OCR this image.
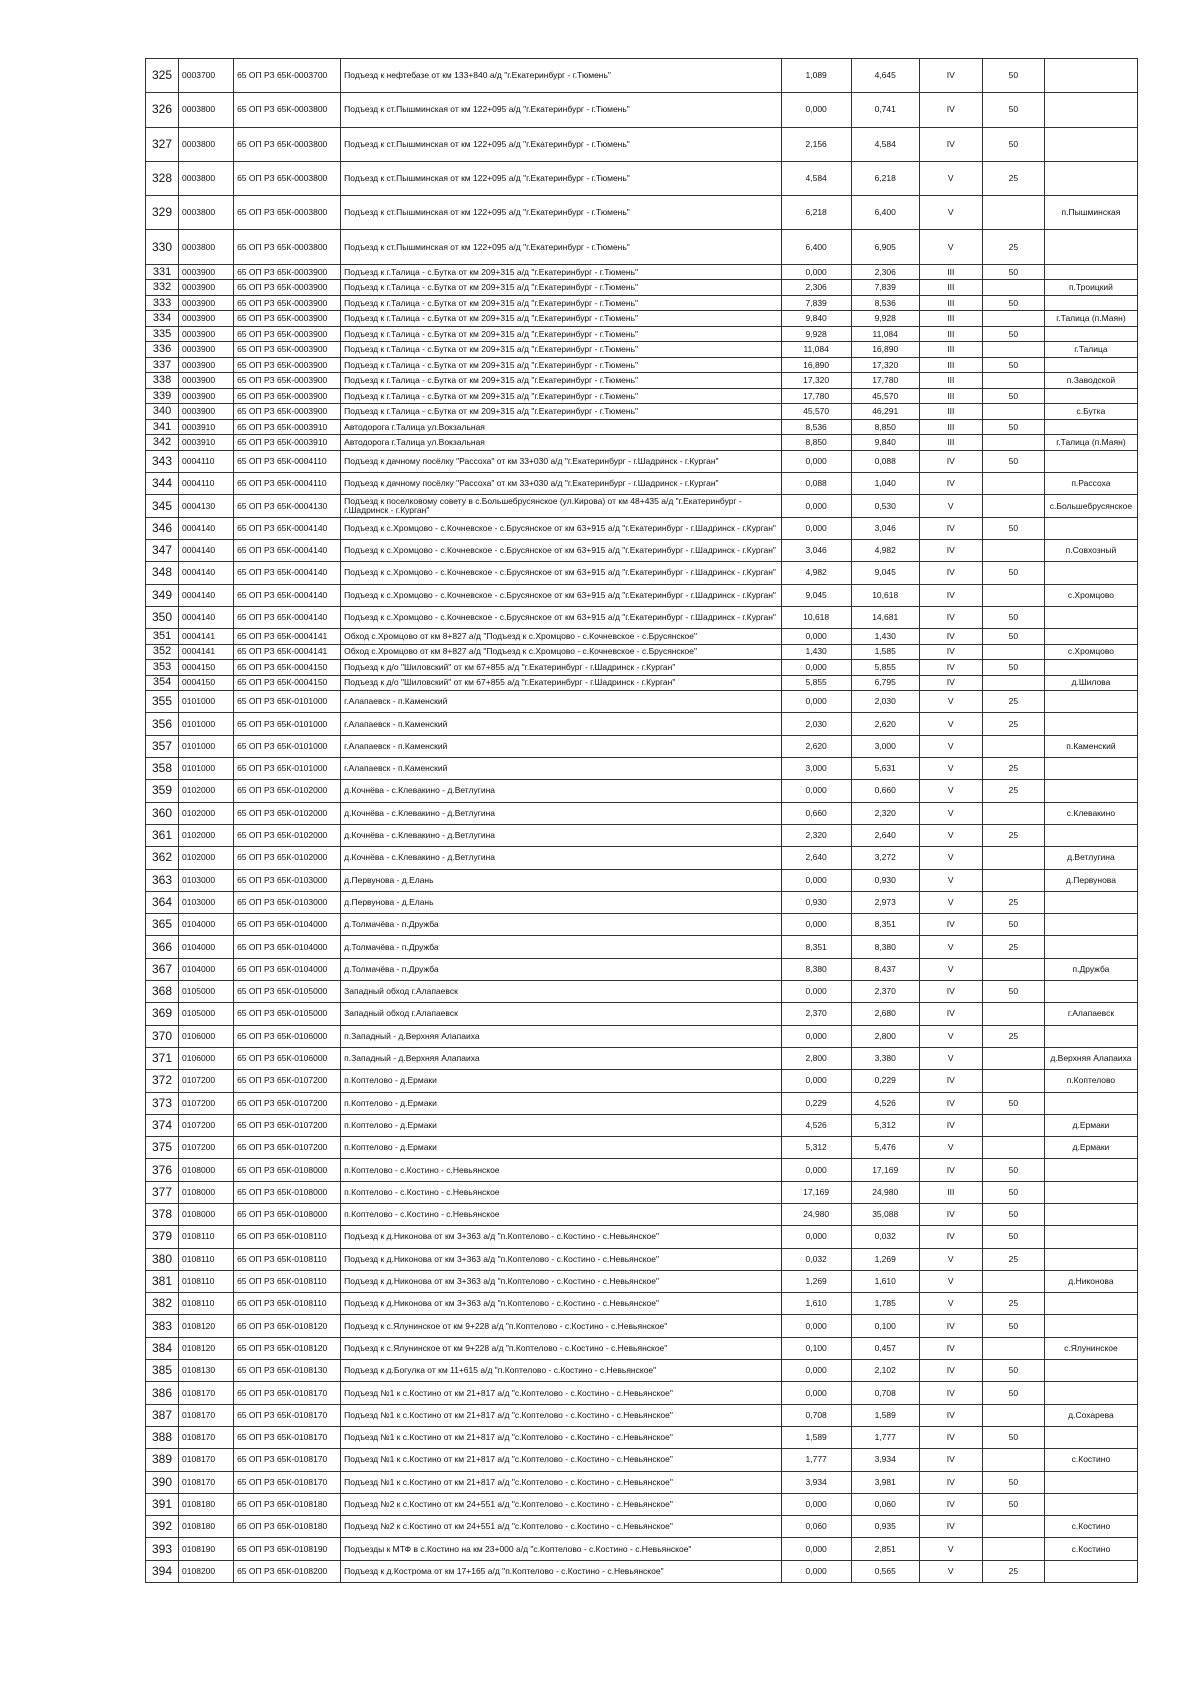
325	0003700	65 ОП РЗ 65К-0003700	Подъезд к нефтебазе от км 133+840 а/д "г.Екатеринбург - г.Тюмень"	1,089	4,645	IV	50	
326	0003800	65 ОП РЗ 65К-0003800	Подъезд к ст.Пышминская от км 122+095 а/д "г.Екатеринбург - г.Тюмень"	0,000	0,741	IV	50	
327	0003800	65 ОП РЗ 65К-0003800	Подъезд к ст.Пышминская от км 122+095 а/д "г.Екатеринбург - г.Тюмень"	2,156	4,584	IV	50	
328	0003800	65 ОП РЗ 65К-0003800	Подъезд к ст.Пышминская от км 122+095 а/д "г.Екатеринбург - г.Тюмень"	4,584	6,218	V	25	
329	0003800	65 ОП РЗ 65К-0003800	Подъезд к ст.Пышминская от км 122+095 а/д "г.Екатеринбург - г.Тюмень"	6,218	6,400	V		п.Пышминская
330	0003800	65 ОП РЗ 65К-0003800	Подъезд к ст.Пышминская от км 122+095 а/д "г.Екатеринбург - г.Тюмень"	6,400	6,905	V	25	
331	0003900	65 ОП РЗ 65К-0003900	Подъезд к г.Талица - с.Бутка от км 209+315 а/д "г.Екатеринбург - г.Тюмень"	0,000	2,306	III	50	
332	0003900	65 ОП РЗ 65К-0003900	Подъезд к г.Талица - с.Бутка от км 209+315 а/д "г.Екатеринбург - г.Тюмень"	2,306	7,839	III		п.Троицкий
333	0003900	65 ОП РЗ 65К-0003900	Подъезд к г.Талица - с.Бутка от км 209+315 а/д "г.Екатеринбург - г.Тюмень"	7,839	8,536	III	50	
334	0003900	65 ОП РЗ 65К-0003900	Подъезд к г.Талица - с.Бутка от км 209+315 а/д "г.Екатеринбург - г.Тюмень"	9,840	9,928	III		г.Талица (п.Маян)
335	0003900	65 ОП РЗ 65К-0003900	Подъезд к г.Талица - с.Бутка от км 209+315 а/д "г.Екатеринбург - г.Тюмень"	9,928	11,084	III	50	
336	0003900	65 ОП РЗ 65К-0003900	Подъезд к г.Талица - с.Бутка от км 209+315 а/д "г.Екатеринбург - г.Тюмень"	11,084	16,890	III		г.Талица
337	0003900	65 ОП РЗ 65К-0003900	Подъезд к г.Талица - с.Бутка от км 209+315 а/д "г.Екатеринбург - г.Тюмень"	16,890	17,320	III	50	
338	0003900	65 ОП РЗ 65К-0003900	Подъезд к г.Талица - с.Бутка от км 209+315 а/д "г.Екатеринбург - г.Тюмень"	17,320	17,780	III		п.Заводской
339	0003900	65 ОП РЗ 65К-0003900	Подъезд к г.Талица - с.Бутка от км 209+315 а/д "г.Екатеринбург - г.Тюмень"	17,780	45,570	III	50	
340	0003900	65 ОП РЗ 65К-0003900	Подъезд к г.Талица - с.Бутка от км 209+315 а/д "г.Екатеринбург - г.Тюмень"	45,570	46,291	III		с.Бутка
341	0003910	65 ОП РЗ 65К-0003910	Автодорога г.Талица ул.Вокзальная	8,536	8,850	III	50	
342	0003910	65 ОП РЗ 65К-0003910	Автодорога г.Талица ул.Вокзальная	8,850	9,840	III		г.Талица (п.Маян)
343	0004110	65 ОП РЗ 65К-0004110	Подъезд к дачному посёлку "Рассоха" от км 33+030 а/д "г.Екатеринбург - г.Шадринск - г.Курган"	0,000	0,088	IV	50	
344	0004110	65 ОП РЗ 65К-0004110	Подъезд к дачному посёлку "Рассоха" от км 33+030 а/д "г.Екатеринбург - г.Шадринск - г.Курган"	0,088	1,040	IV		п.Рассоха
345	0004130	65 ОП РЗ 65К-0004130	Подъезд к поселковому совету в с.Большебрусянское (ул.Кирова) от км 48+435 а/д "г.Екатеринбург - г.Шадринск - г.Курган"	0,000	0,530	V		с.Большебрусянское
346	0004140	65 ОП РЗ 65К-0004140	Подъезд к с.Хромцово - с.Кочневское - с.Брусянское от км 63+915 а/д "г.Екатеринбург - г.Шадринск - г.Курган"	0,000	3,046	IV	50	
347	0004140	65 ОП РЗ 65К-0004140	Подъезд к с.Хромцово - с.Кочневское - с.Брусянское от км 63+915 а/д "г.Екатеринбург - г.Шадринск - г.Курган"	3,046	4,982	IV		п.Совхозный
348	0004140	65 ОП РЗ 65К-0004140	Подъезд к с.Хромцово - с.Кочневское - с.Брусянское от км 63+915 а/д "г.Екатеринбург - г.Шадринск - г.Курган"	4,982	9,045	IV	50	
349	0004140	65 ОП РЗ 65К-0004140	Подъезд к с.Хромцово - с.Кочневское - с.Брусянское от км 63+915 а/д "г.Екатеринбург - г.Шадринск - г.Курган"	9,045	10,618	IV		с.Хромцово
350	0004140	65 ОП РЗ 65К-0004140	Подъезд к с.Хромцово - с.Кочневское - с.Брусянское от км 63+915 а/д "г.Екатеринбург - г.Шадринск - г.Курган"	10,618	14,681	IV	50	
351	0004141	65 ОП РЗ 65К-0004141	Обход с.Хромцово от км 8+827 а/д "Подъезд к с.Хромцово - с.Кочневское - с.Брусянское"	0,000	1,430	IV	50	
352	0004141	65 ОП РЗ 65К-0004141	Обход с.Хромцово от км 8+827 а/д "Подъезд к с.Хромцово - с.Кочневское - с.Брусянское"	1,430	1,585	IV		с.Хромцово
353	0004150	65 ОП РЗ 65К-0004150	Подъезд к д/о "Шиловский" от км 67+855 а/д "г.Екатеринбург - г.Шадринск - г.Курган"	0,000	5,855	IV	50	
354	0004150	65 ОП РЗ 65К-0004150	Подъезд к д/о "Шиловский" от км 67+855 а/д "г.Екатеринбург - г.Шадринск - г.Курган"	5,855	6,795	IV		д.Шилова
355	0101000	65 ОП РЗ 65К-0101000	г.Алапаевск - п.Каменский	0,000	2,030	V	25	
356	0101000	65 ОП РЗ 65К-0101000	г.Алапаевск - п.Каменский	2,030	2,620	V	25	
357	0101000	65 ОП РЗ 65К-0101000	г.Алапаевск - п.Каменский	2,620	3,000	V		п.Каменский
358	0101000	65 ОП РЗ 65К-0101000	г.Алапаевск - п.Каменский	3,000	5,631	V	25	
359	0102000	65 ОП РЗ 65К-0102000	д.Кочнёва - с.Клевакино - д.Ветлугина	0,000	0,660	V	25	
360	0102000	65 ОП РЗ 65К-0102000	д.Кочнёва - с.Клевакино - д.Ветлугина	0,660	2,320	V		с.Клевакино
361	0102000	65 ОП РЗ 65К-0102000	д.Кочнёва - с.Клевакино - д.Ветлугина	2,320	2,640	V	25	
362	0102000	65 ОП РЗ 65К-0102000	д.Кочнёва - с.Клевакино - д.Ветлугина	2,640	3,272	V		д.Ветлугина
363	0103000	65 ОП РЗ 65К-0103000	д.Первунова - д.Елань	0,000	0,930	V		д.Первунова
364	0103000	65 ОП РЗ 65К-0103000	д.Первунова - д.Елань	0,930	2,973	V	25	
365	0104000	65 ОП РЗ 65К-0104000	д.Толмачёва - п.Дружба	0,000	8,351	IV	50	
366	0104000	65 ОП РЗ 65К-0104000	д.Толмачёва - п.Дружба	8,351	8,380	V	25	
367	0104000	65 ОП РЗ 65К-0104000	д.Толмачёва - п.Дружба	8,380	8,437	V		п.Дружба
368	0105000	65 ОП РЗ 65К-0105000	Западный обход г.Алапаевск	0,000	2,370	IV	50	
369	0105000	65 ОП РЗ 65К-0105000	Западный обход г.Алапаевск	2,370	2,680	IV		г.Алапаевск
370	0106000	65 ОП РЗ 65К-0106000	п.Западный - д.Верхняя Алапаиха	0,000	2,800	V	25	
371	0106000	65 ОП РЗ 65К-0106000	п.Западный - д.Верхняя Алапаиха	2,800	3,380	V		д.Верхняя Алапаиха
372	0107200	65 ОП РЗ 65К-0107200	п.Коптелово - д.Ермаки	0,000	0,229	IV		п.Коптелово
373	0107200	65 ОП РЗ 65К-0107200	п.Коптелово - д.Ермаки	0,229	4,526	IV	50	
374	0107200	65 ОП РЗ 65К-0107200	п.Коптелово - д.Ермаки	4,526	5,312	IV		д.Ермаки
375	0107200	65 ОП РЗ 65К-0107200	п.Коптелово - д.Ермаки	5,312	5,476	V		д.Ермаки
376	0108000	65 ОП РЗ 65К-0108000	п.Коптелово - с.Костино - с.Невьянское	0,000	17,169	IV	50	
377	0108000	65 ОП РЗ 65К-0108000	п.Коптелово - с.Костино - с.Невьянское	17,169	24,980	III	50	
378	0108000	65 ОП РЗ 65К-0108000	п.Коптелово - с.Костино - с.Невьянское	24,980	35,088	IV	50	
379	0108110	65 ОП РЗ 65К-0108110	Подъезд к д.Никонова от км 3+363 а/д "п.Коптелово - с.Костино - с.Невьянское"	0,000	0,032	IV	50	
380	0108110	65 ОП РЗ 65К-0108110	Подъезд к д.Никонова от км 3+363 а/д "п.Коптелово - с.Костино - с.Невьянское"	0,032	1,269	V	25	
381	0108110	65 ОП РЗ 65К-0108110	Подъезд к д.Никонова от км 3+363 а/д "п.Коптелово - с.Костино - с.Невьянское"	1,269	1,610	V		д.Никонова
382	0108110	65 ОП РЗ 65К-0108110	Подъезд к д.Никонова от км 3+363 а/д "п.Коптелово - с.Костино - с.Невьянское"	1,610	1,785	V	25	
383	0108120	65 ОП РЗ 65К-0108120	Подъезд к с.Ялунинское от км 9+228 а/д "п.Коптелово - с.Костино - с.Невьянское"	0,000	0,100	IV	50	
384	0108120	65 ОП РЗ 65К-0108120	Подъезд к с.Ялунинское от км 9+228 а/д "п.Коптелово - с.Костино - с.Невьянское"	0,100	0,457	IV		с.Ялунинское
385	0108130	65 ОП РЗ 65К-0108130	Подъезд к д.Богулка от км 11+615 а/д "п.Коптелово - с.Костино - с.Невьянское"	0,000	2,102	IV	50	
386	0108170	65 ОП РЗ 65К-0108170	Подъезд №1 к с.Костино от км 21+817 а/д "с.Коптелово - с.Костино - с.Невьянское"	0,000	0,708	IV	50	
387	0108170	65 ОП РЗ 65К-0108170	Подъезд №1 к с.Костино от км 21+817 а/д "с.Коптелово - с.Костино - с.Невьянское"	0,708	1,589	IV		д.Сохарева
388	0108170	65 ОП РЗ 65К-0108170	Подъезд №1 к с.Костино от км 21+817 а/д "с.Коптелово - с.Костино - с.Невьянское"	1,589	1,777	IV	50	
389	0108170	65 ОП РЗ 65К-0108170	Подъезд №1 к с.Костино от км 21+817 а/д "с.Коптелово - с.Костино - с.Невьянское"	1,777	3,934	IV		с.Костино
390	0108170	65 ОП РЗ 65К-0108170	Подъезд №1 к с.Костино от км 21+817 а/д "с.Коптелово - с.Костино - с.Невьянское"	3,934	3,981	IV	50	
391	0108180	65 ОП РЗ 65К-0108180	Подъезд №2 к с.Костино от км 24+551 а/д "с.Коптелово - с.Костино - с.Невьянское"	0,000	0,060	IV	50	
392	0108180	65 ОП РЗ 65К-0108180	Подъезд №2 к с.Костино от км 24+551 а/д "с.Коптелово - с.Костино - с.Невьянское"	0,060	0,935	IV		с.Костино
393	0108190	65 ОП РЗ 65К-0108190	Подъезды к МТФ в с.Костино на км 23+000 а/д "с.Коптелово - с.Костино - с.Невьянское"	0,000	2,851	V		с.Костино
394	0108200	65 ОП РЗ 65К-0108200	Подъезд к д.Кострома от км 17+165 а/д "п.Коптелово - с.Костино - с.Невьянское"	0,000	0,565	V	25	
